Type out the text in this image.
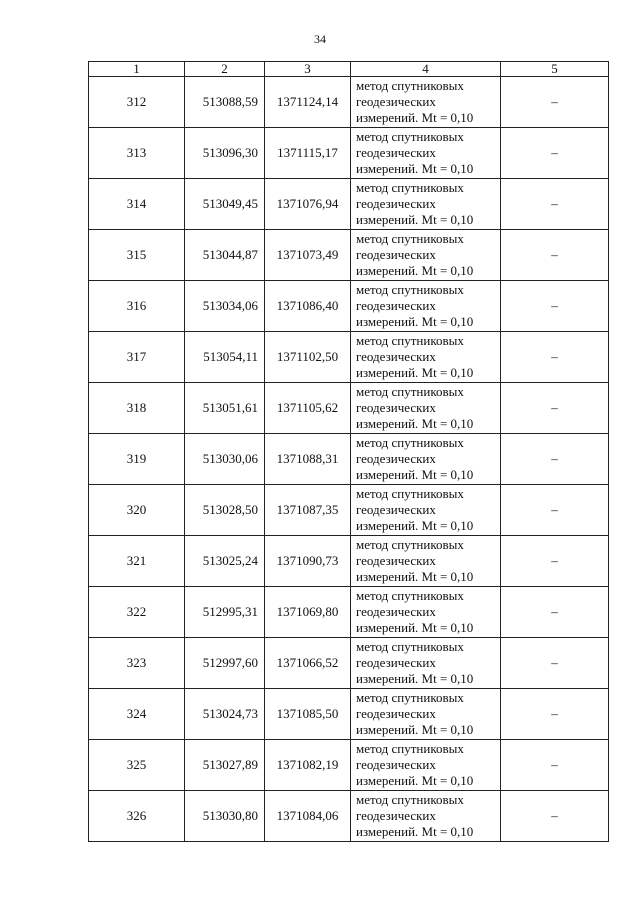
34
1	2	3	4	5
312	513088,59	1371124,14	метод спутниковых
геодезических
измерений. Mt = 0,10	–
313	513096,30	1371115,17	метод спутниковых
геодезических
измерений. Mt = 0,10	–
314	513049,45	1371076,94	метод спутниковых
геодезических
измерений. Mt = 0,10	–
315	513044,87	1371073,49	метод спутниковых
геодезических
измерений. Mt = 0,10	–
316	513034,06	1371086,40	метод спутниковых
геодезических
измерений. Mt = 0,10	–
317	513054,11	1371102,50	метод спутниковых
геодезических
измерений. Mt = 0,10	–
318	513051,61	1371105,62	метод спутниковых
геодезических
измерений. Mt = 0,10	–
319	513030,06	1371088,31	метод спутниковых
геодезических
измерений. Mt = 0,10	–
320	513028,50	1371087,35	метод спутниковых
геодезических
измерений. Mt = 0,10	–
321	513025,24	1371090,73	метод спутниковых
геодезических
измерений. Mt = 0,10	–
322	512995,31	1371069,80	метод спутниковых
геодезических
измерений. Mt = 0,10	–
323	512997,60	1371066,52	метод спутниковых
геодезических
измерений. Mt = 0,10	–
324	513024,73	1371085,50	метод спутниковых
геодезических
измерений. Mt = 0,10	–
325	513027,89	1371082,19	метод спутниковых
геодезических
измерений. Mt = 0,10	–
326	513030,80	1371084,06	метод спутниковых
геодезических
измерений. Mt = 0,10	–
